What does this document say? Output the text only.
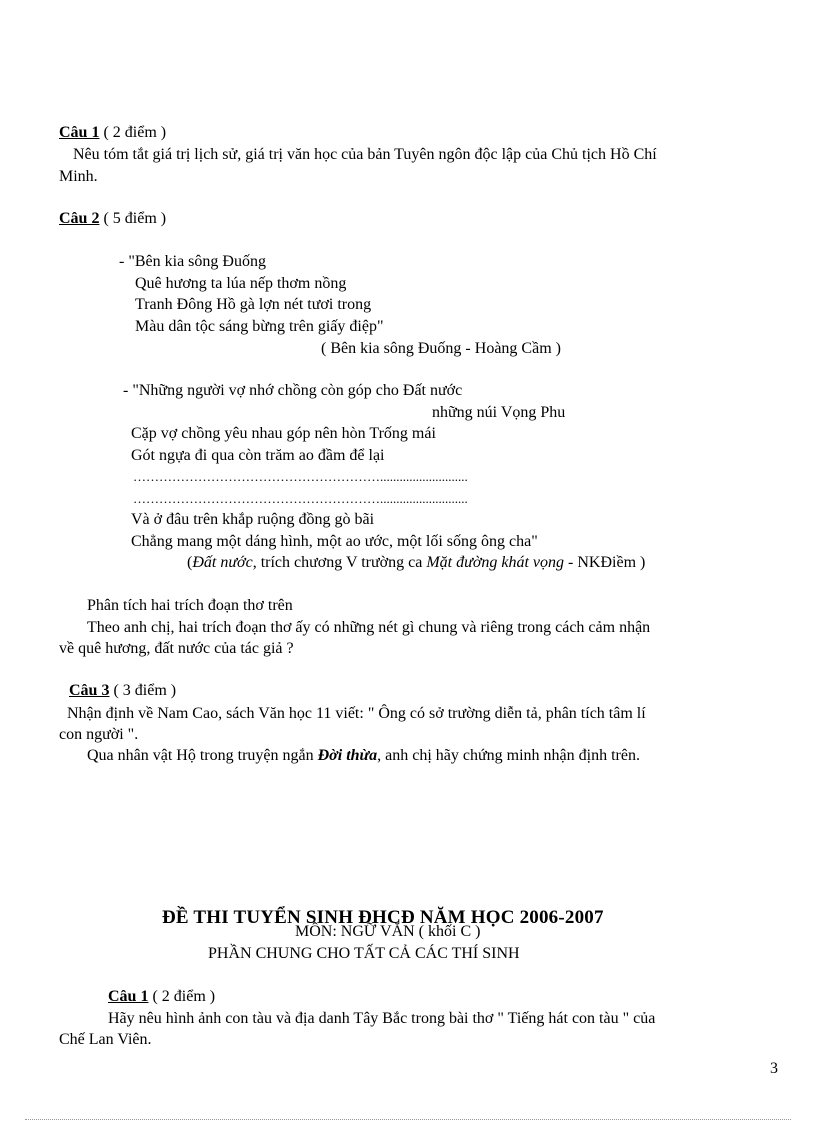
Câu 1 ( 2 điểm )
Nêu tóm tắt giá trị lịch sử, giá trị văn học của bản Tuyên ngôn độc lập của Chủ tịch Hồ Chí
Minh.
Câu 2 ( 5 điểm )
- "Bên kia sông Đuống
Quê hương ta lúa nếp thơm nồng
Tranh Đông Hồ gà lợn nét tươi trong
Màu dân tộc sáng bừng trên giấy điệp"
( Bên kia sông Đuống - Hoàng Cầm )
- "Những người vợ nhớ chồng còn góp cho Đất nước
những núi Vọng Phu
Cặp vợ chồng yêu nhau góp nên hòn Trống mái
Gót ngựa đi qua còn trăm ao đầm để lại
…………………………………………………...........................
…………………………………………………...........................
Và ở đâu trên khắp ruộng đồng gò bãi
Chẳng mang một dáng hình, một ao ước, một lối sống ông cha"
(Đất nước, trích chương V trường ca Mặt đường khát vọng - NKĐiềm )
Phân tích hai trích đoạn thơ trên
Theo anh chị, hai trích đoạn thơ ấy có những nét gì chung và riêng trong cách cảm nhận
về quê hương, đất nước của tác giả ?
Câu 3 ( 3 điểm )
Nhận định về Nam Cao, sách Văn học 11 viết: " Ông có sở trường diễn tả, phân tích tâm lí
con người ".
Qua nhân vật Hộ trong truyện ngắn Đời thừa, anh chị hãy chứng minh nhận định trên.
ĐỀ THI TUYỂN SINH ĐHCĐ NĂM HỌC 2006-2007
MÔN: NGỮ VĂN ( khối C )
PHẦN CHUNG CHO TẤT CẢ CÁC THÍ SINH
Câu 1 ( 2 điểm )
Hãy nêu hình ảnh con tàu và địa danh Tây Bắc trong bài thơ " Tiếng hát con tàu " của
Chế Lan Viên.
3
